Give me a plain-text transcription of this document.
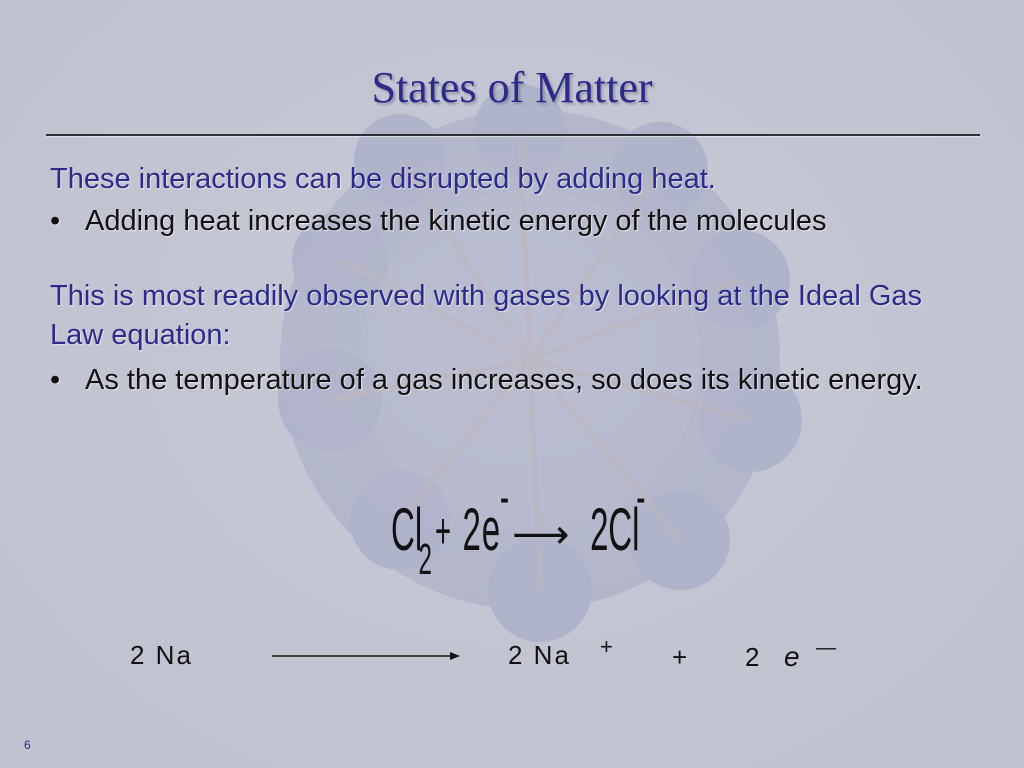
States of Matter
These interactions can be disrupted by adding heat.
• Adding heat increases the kinetic energy of the molecules
This is most readily observed with gases by looking at the Ideal Gas Law equation:
• As the temperature of a gas increases, so does its kinetic energy.
Cl
2 + 2 e
-
2 Cl
-
⟶
2 Na	2 Na + + 2 e —
6
